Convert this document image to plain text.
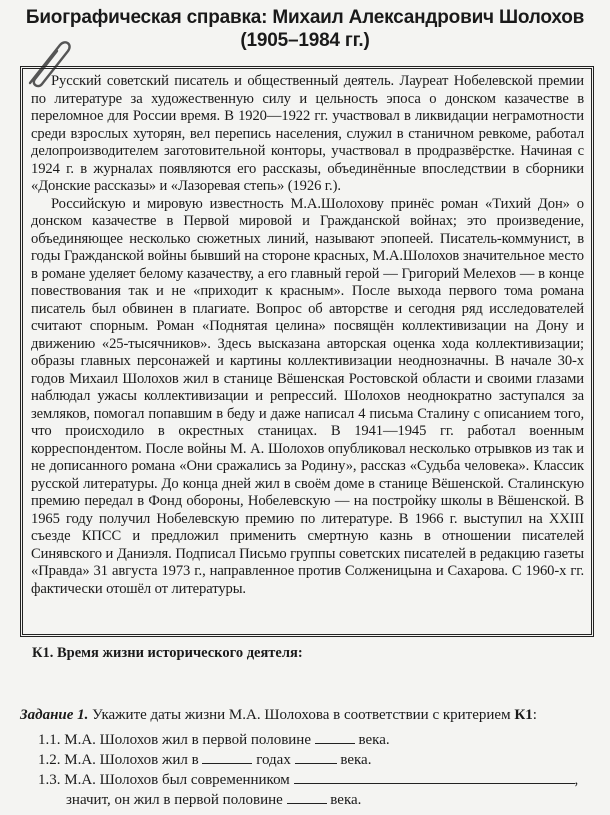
Биографическая справка: Михаил Александрович Шолохов
(1905–1984 гг.)

Русский советский писатель и общественный деятель. Лауреат Нобелевской премии по литературе за художественную силу и цельность эпоса о донском казачестве в переломное для России время. В 1920—1922 гг. участвовал в ликвидации неграмотности среди взрослых хуторян, вел перепись населения, служил в станичном ревкоме, работал делопроизводителем заготовительной конторы, участвовал в продразвёрстке. Начиная с 1924 г. в журналах появляются его рассказы, объединённые впоследствии в сборники «Донские рассказы» и «Лазоревая степь» (1926 г.).

Российскую и мировую известность М.А.Шолохову принёс роман «Тихий Дон» о донском казачестве в Первой мировой и Гражданской войнах; это произведение, объединяющее несколько сюжетных линий, называют эпопеей. Писатель-коммунист, в годы Гражданской войны бывший на стороне красных, М.А.Шолохов значительное место в романе уделяет белому казачеству, а его главный герой — Григорий Мелехов — в конце повествования так и не «приходит к красным». После выхода первого тома романа писатель был обвинен в плагиате. Вопрос об авторстве и сегодня ряд исследователей считают спорным. Роман «Поднятая целина» посвящён коллективизации на Дону и движению «25-тысячников». Здесь высказана авторская оценка хода коллективизации; образы главных персонажей и картины коллективизации неоднозначны. В начале 30-х годов Михаил Шолохов жил в станице Вёшенская Ростовской области и своими глазами наблюдал ужасы коллективизации и репрессий. Шолохов неоднократно заступался за земляков, помогал попавшим в беду и даже написал 4 письма Сталину с описанием того, что происходило в окрестных станицах. В 1941—1945 гг. работал военным корреспондентом. После войны М. А. Шолохов опубликовал несколько отрывков из так и не дописанного романа «Они сражались за Родину», рассказ «Судьба человека». Классик русской литературы. До конца дней жил в своём доме в станице Вёшенской. Сталинскую премию передал в Фонд обороны, Нобелевскую — на постройку школы в Вёшенской. В 1965 году получил Нобелевскую премию по литературе. В 1966 г. выступил на XXIII съезде КПСС и предложил применить смертную казнь в отношении писателей Синявского и Даниэля. Подписал Письмо группы советских писателей в редакцию газеты «Правда» 31 августа 1973 г., направленное против Солженицына и Сахарова. С 1960-х гг. фактически отошёл от литературы.

К1. Время жизни исторического деятеля:
Задание 1. Укажите даты жизни М.А. Шолохова в соответствии с критерием К1:
1.1. М.А. Шолохов жил в первой половине	века.
1.2. М.А. Шолохов жил в	годах	века.
1.3. М.А. Шолохов был современником	,
значит, он жил в первой половине	века.
